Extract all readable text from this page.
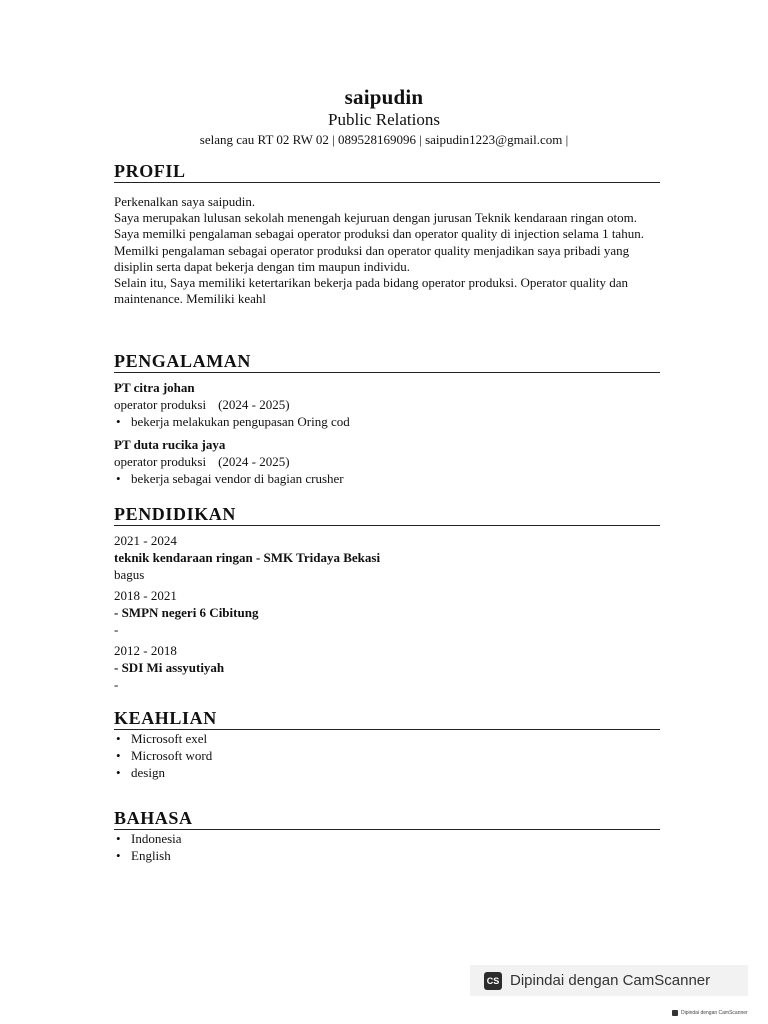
saipudin
Public Relations
selang cau RT 02 RW 02 | 089528169096 | saipudin1223@gmail.com |
PROFIL

Perkenalkan saya saipudin.

Saya merupakan lulusan sekolah menengah kejuruan dengan jurusan Teknik kendaraan ringan otom. Saya memilki pengalaman sebagai operator produksi dan operator quality di injection selama 1 tahun. Memilki pengalaman sebagai operator produksi dan operator quality menjadikan saya pribadi yang disiplin serta dapat bekerja dengan tim maupun individu.

Selain itu, Saya memiliki ketertarikan bekerja pada bidang operator produksi. Operator quality dan maintenance. Memiliki keahl

PENGALAMAN
PT citra johan
operator produksi (2024 - 2025)
• bekerja melakukan pengupasan Oring cod
PT duta rucika jaya
operator produksi (2024 - 2025)
• bekerja sebagai vendor di bagian crusher
PENDIDIKAN
2021 - 2024
teknik kendaraan ringan - SMK Tridaya Bekasi
bagus
2018 - 2021
- SMPN negeri 6 Cibitung
-
2012 - 2018
- SDI Mi assyutiyah
-
KEAHLIAN
• Microsoft exel
• Microsoft word
• design
BAHASA
• Indonesia
• English
CS Dipindai dengan CamScanner
Dipindai dengan CamScanner
